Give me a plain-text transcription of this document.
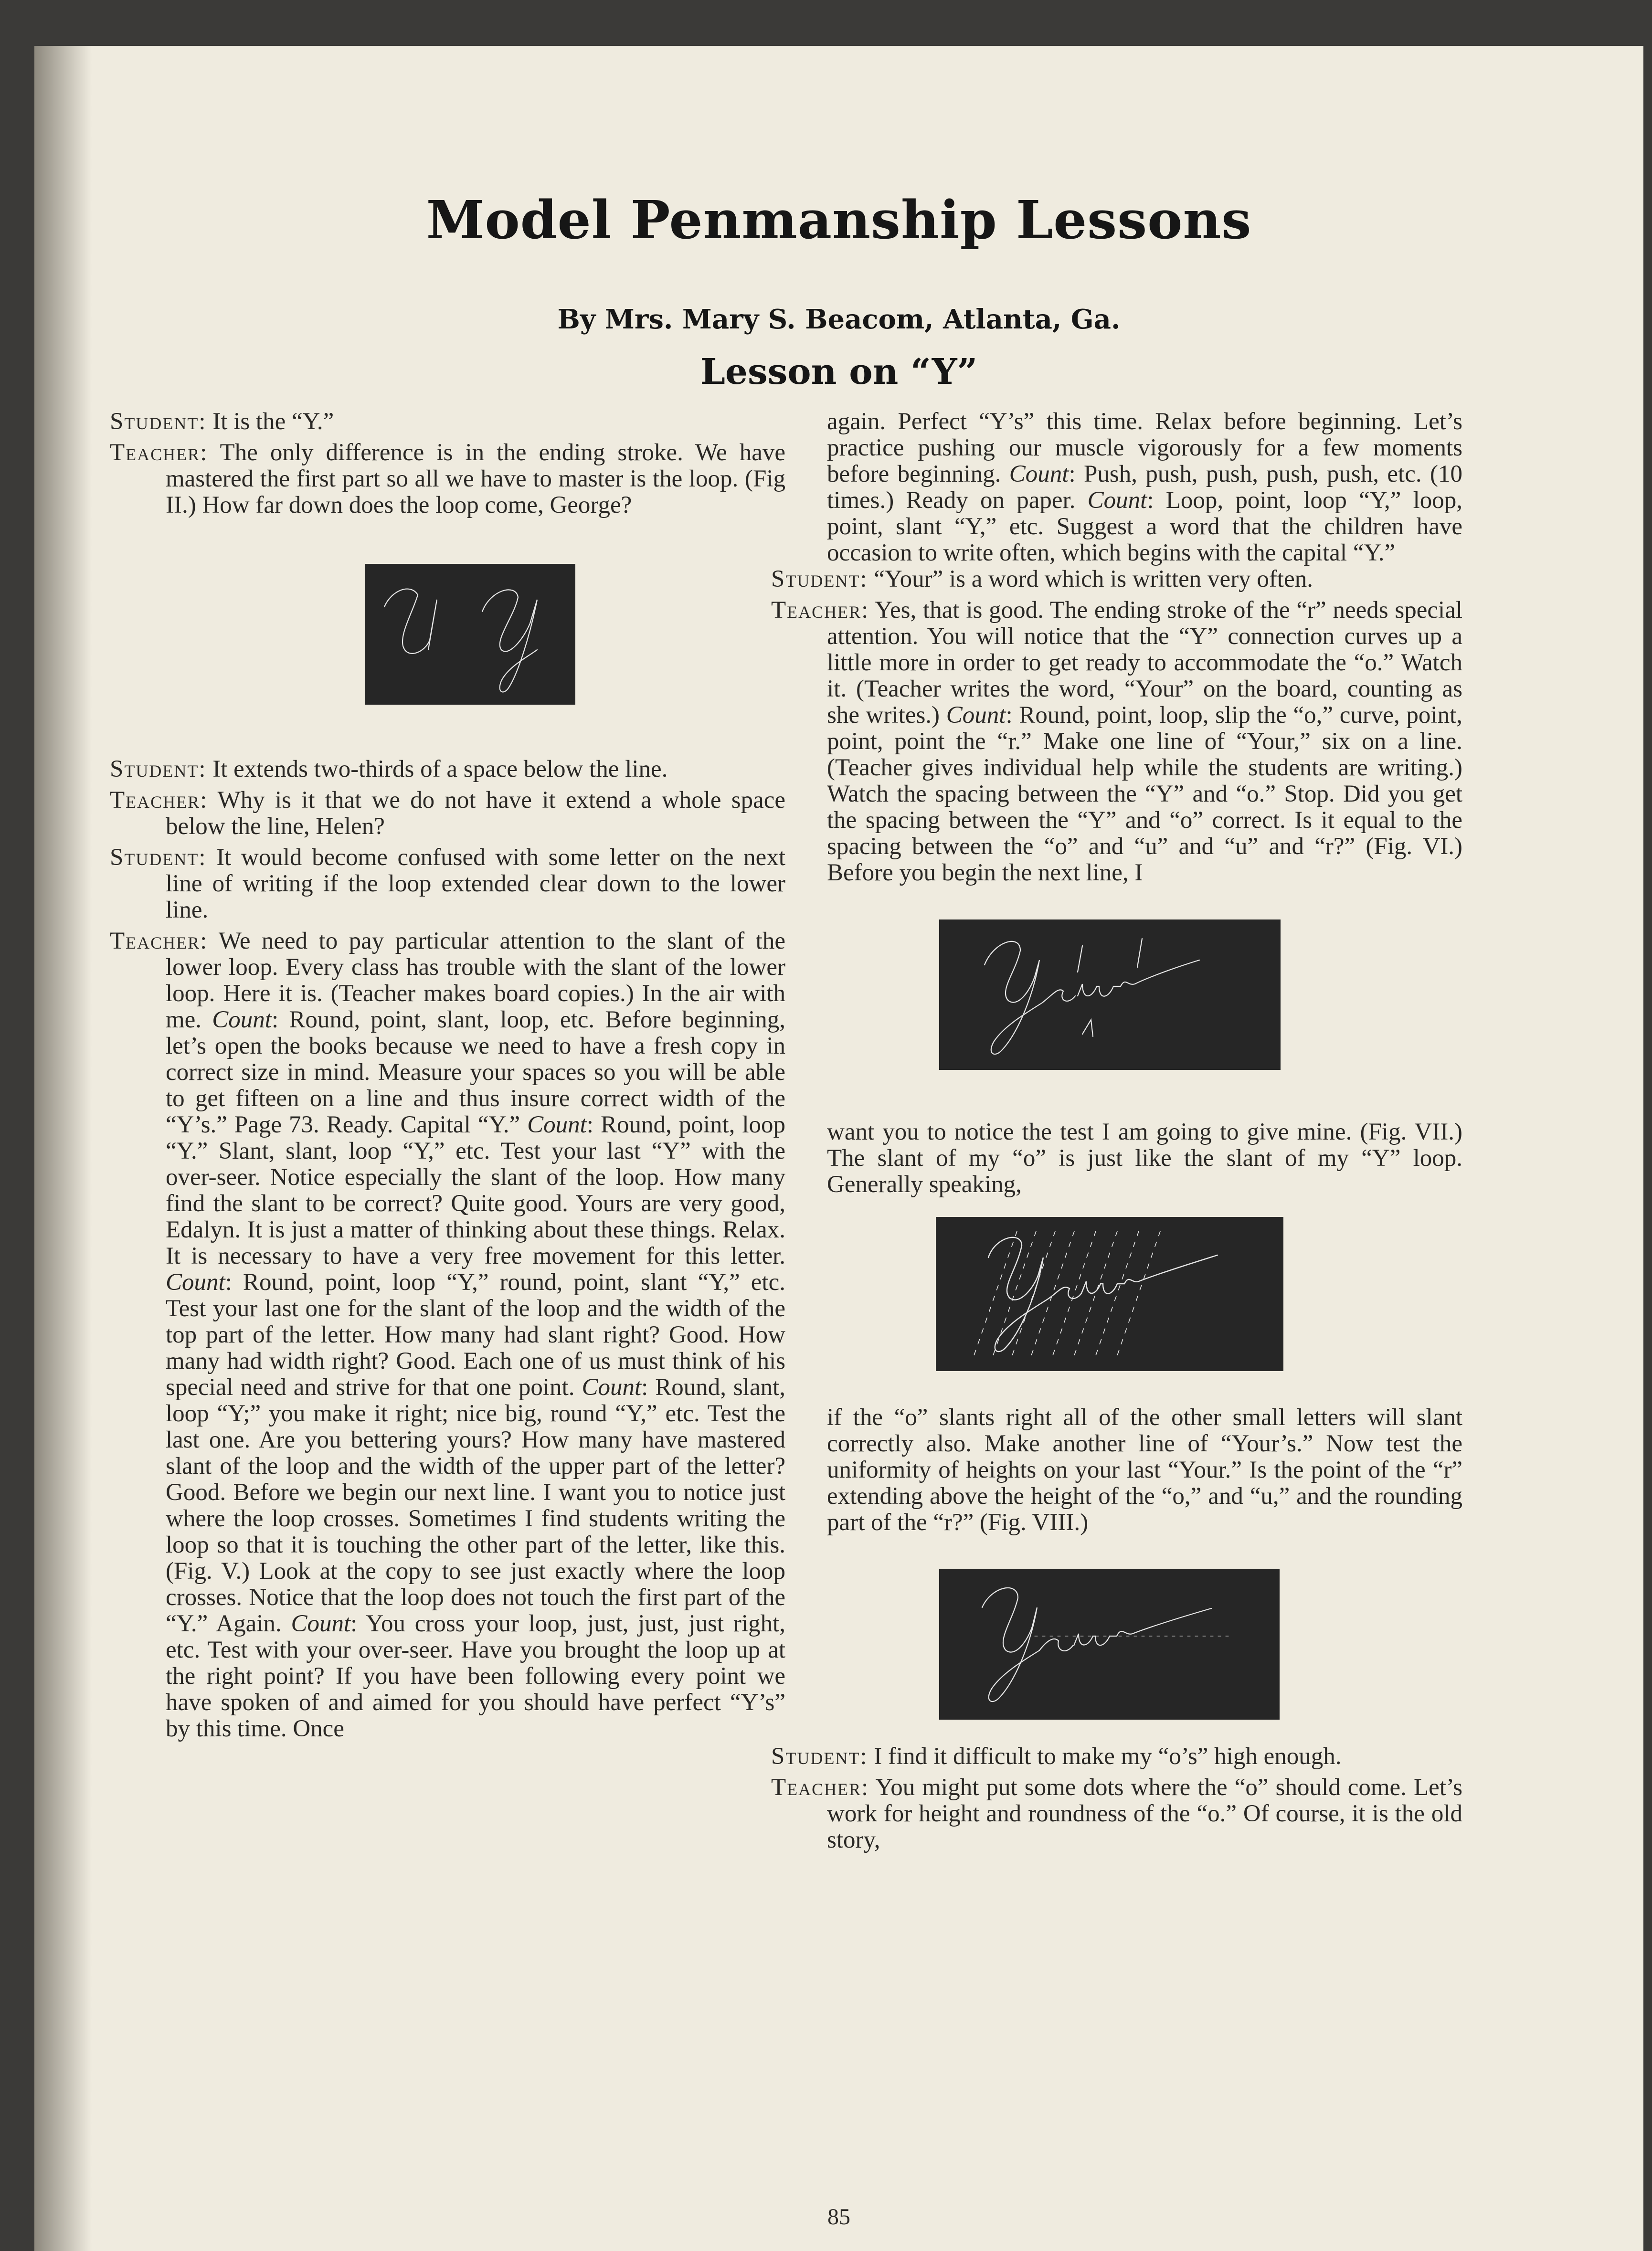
Model Penmanship Lessons
By Mrs. Mary S. Beacom, Atlanta, Ga.
Lesson on “Y”

Student: It is the “Y.”

Teacher: The only difference is in the ending stroke. We have mastered the first part so all we have to master is the loop. (Fig II.) How far down does the loop come, George?

Student: It extends two-thirds of a space below the line.

Teacher: Why is it that we do not have it extend a whole space below the line, Helen?

Student: It would become confused with some letter on the next line of writing if the loop extended clear down to the lower line.

Teacher: We need to pay particular attention to the slant of the lower loop. Every class has trouble with the slant of the lower loop. Here it is. (Teacher makes board copies.) In the air with me. Count: Round, point, slant, loop, etc. Before beginning, let’s open the books because we need to have a fresh copy in correct size in mind. Measure your spaces so you will be able to get fifteen on a line and thus insure correct width of the “Y’s.” Page 73. Ready. Capital “Y.” Count: Round, point, loop “Y.” Slant, slant, loop “Y,” etc. Test your last “Y” with the over-seer. Notice especially the slant of the loop. How many find the slant to be correct? Quite good. Yours are very good, Edalyn. It is just a matter of thinking about these things. Relax. It is necessary to have a very free movement for this letter. Count: Round, point, loop “Y,” round, point, slant “Y,” etc. Test your last one for the slant of the loop and the width of the top part of the letter. How many had slant right? Good. How many had width right? Good. Each one of us must think of his special need and strive for that one point. Count: Round, slant, loop “Y;” you make it right; nice big, round “Y,” etc. Test the last one. Are you bettering yours? How many have mastered slant of the loop and the width of the upper part of the letter? Good. Before we begin our next line. I want you to notice just where the loop crosses. Sometimes I find students writing the loop so that it is touching the other part of the letter, like this. (Fig. V.) Look at the copy to see just exactly where the loop crosses. Notice that the loop does not touch the first part of the “Y.” Again. Count: You cross your loop, just, just, just right, etc. Test with your over-seer. Have you brought the loop up at the right point? If you have been following every point we have spoken of and aimed for you should have perfect “Y’s” by this time. Once

again. Perfect “Y’s” this time. Relax before beginning. Let’s practice pushing our muscle vigorously for a few moments before beginning. Count: Push, push, push, push, push, etc. (10 times.) Ready on paper. Count: Loop, point, loop “Y,” loop, point, slant “Y,” etc. Suggest a word that the children have occasion to write often, which begins with the capital “Y.”

Student: “Your” is a word which is written very often.

Teacher: Yes, that is good. The ending stroke of the “r” needs special attention. You will notice that the “Y” connection curves up a little more in order to get ready to accommodate the “o.” Watch it. (Teacher writes the word, “Your” on the board, counting as she writes.) Count: Round, point, loop, slip the “o,” curve, point, point, point the “r.” Make one line of “Your,” six on a line. (Teacher gives individual help while the students are writing.) Watch the spacing between the “Y” and “o.” Stop. Did you get the spacing between the “Y” and “o” correct. Is it equal to the spacing between the “o” and “u” and “u” and “r?” (Fig. VI.) Before you begin the next line, I

want you to notice the test I am going to give mine. (Fig. VII.) The slant of my “o” is just like the slant of my “Y” loop. Generally speaking,

if the “o” slants right all of the other small letters will slant correctly also. Make another line of “Your’s.” Now test the uniformity of heights on your last “Your.” Is the point of the “r” extending above the height of the “o,” and “u,” and the rounding part of the “r?” (Fig. VIII.)

Student: I find it difficult to make my “o’s” high enough.

Teacher: You might put some dots where the “o” should come. Let’s work for height and roundness of the “o.” Of course, it is the old story,

85
